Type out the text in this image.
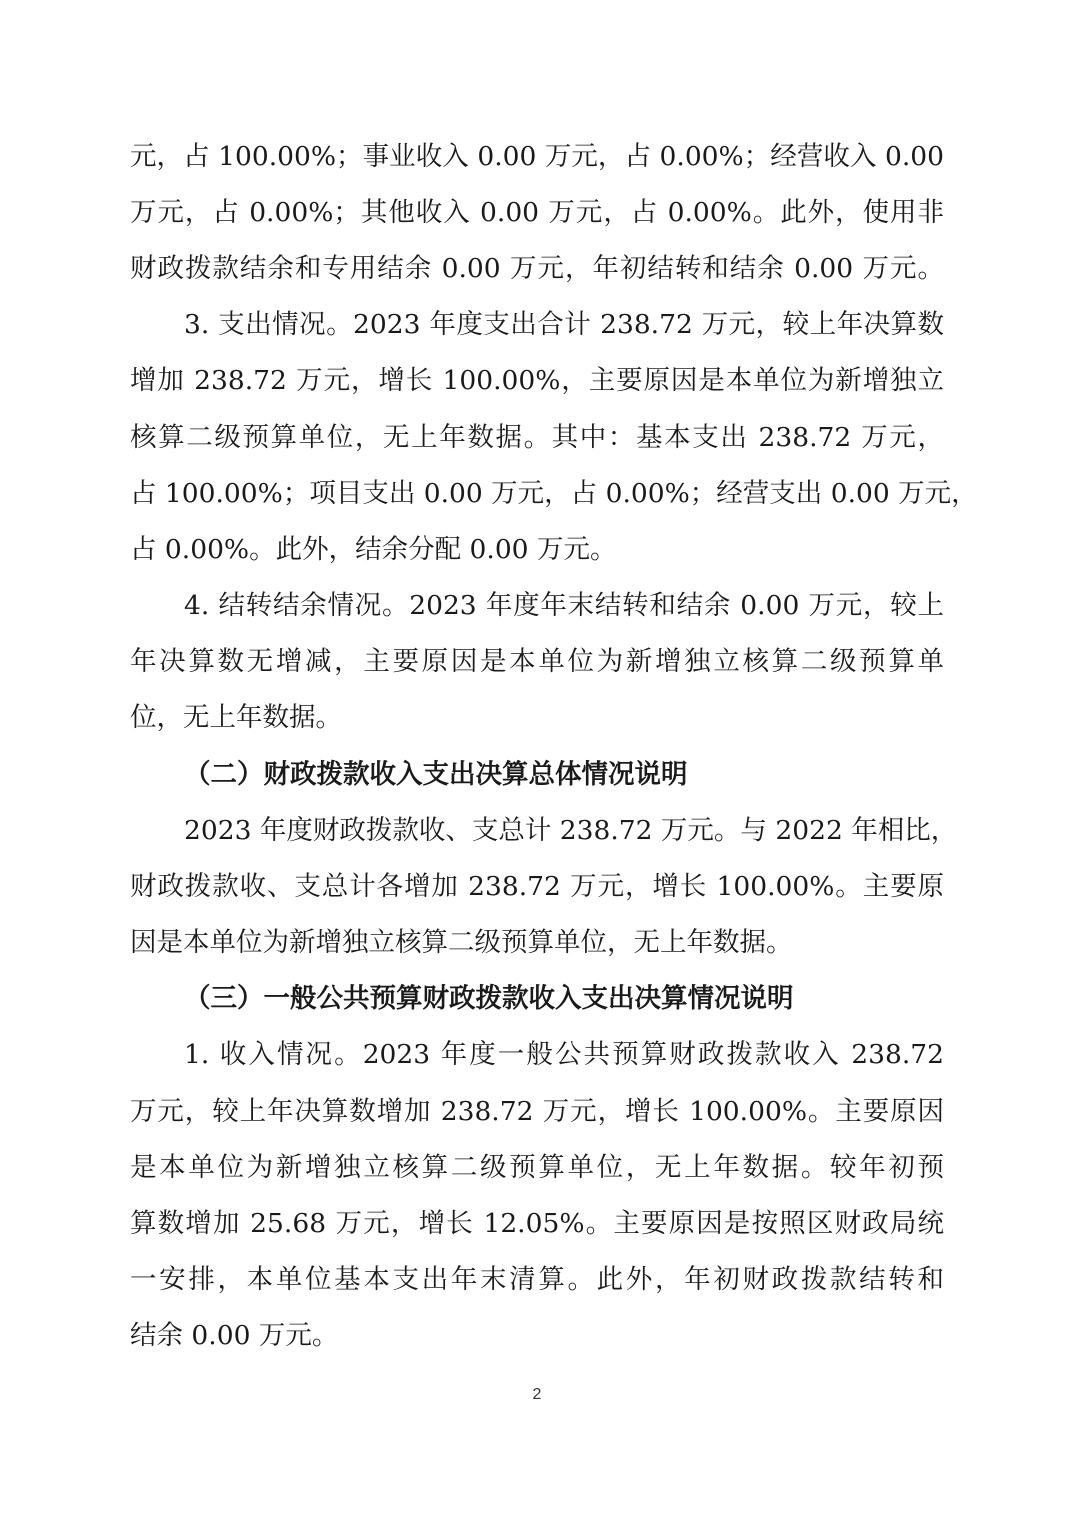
元，占 100.00%；事业收入 0.00 万元，占 0.00%；经营收入 0.00
万元，占 0.00%；其他收入 0.00 万元，占 0.00%。此外，使用非
财政拨款结余和专用结余 0.00 万元，年初结转和结余 0.00 万元。
3. 支出情况。2023 年度支出合计 238.72 万元，较上年决算数
增加 238.72 万元，增长 100.00%，主要原因是本单位为新增独立
核算二级预算单位，无上年数据。其中：基本支出 238.72 万元，
占 100.00%；项目支出 0.00 万元，占 0.00%；经营支出 0.00 万元，
占 0.00%。此外，结余分配 0.00 万元。
4. 结转结余情况。2023 年度年末结转和结余 0.00 万元，较上
年决算数无增减，主要原因是本单位为新增独立核算二级预算单
位，无上年数据。
（二）财政拨款收入支出决算总体情况说明
2023 年度财政拨款收、支总计 238.72 万元。与 2022 年相比，
财政拨款收、支总计各增加 238.72 万元，增长 100.00%。主要原
因是本单位为新增独立核算二级预算单位，无上年数据。
（三）一般公共预算财政拨款收入支出决算情况说明
1. 收入情况。2023 年度一般公共预算财政拨款收入 238.72
万元，较上年决算数增加 238.72 万元，增长 100.00%。主要原因
是本单位为新增独立核算二级预算单位，无上年数据。较年初预
算数增加 25.68 万元，增长 12.05%。主要原因是按照区财政局统
一安排，本单位基本支出年末清算。此外，年初财政拨款结转和
结余 0.00 万元。
2
